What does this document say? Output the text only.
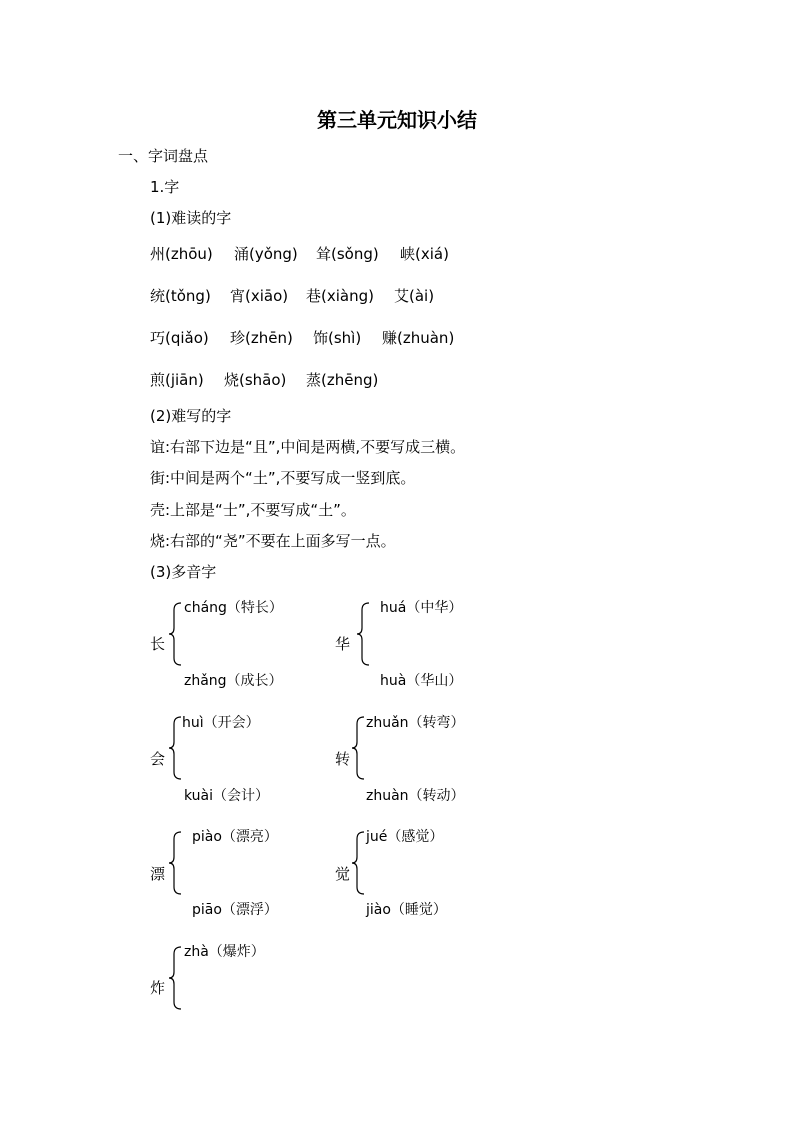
第三单元知识小结
一、字词盘点
1.字
(1)难读的字
州(zhōu) 涌(yǒng) 耸(sǒng) 峡(xiá)
统(tǒng) 宵(xiāo) 巷(xiàng) 艾(ài)
巧(qiǎo) 珍(zhēn) 饰(shì) 赚(zhuàn)
煎(jiān) 烧(shāo) 蒸(zhēng)
(2)难写的字
谊:右部下边是“且”,中间是两横,不要写成三横。
街:中间是两个“土”,不要写成一竖到底。
壳:上部是“士”,不要写成“土”。
烧:右部的“尧”不要在上面多写一点。
(3)多音字
长
cháng（特长）
zhǎng（成长）
华
huá（中华）
huà（华山）
会
huì（开会）
kuài（会计）
转
zhuǎn（转弯）
zhuàn（转动）
漂
piào（漂亮）
piāo（漂浮）
觉
jué（感觉）
jiào（睡觉）
炸
zhà（爆炸）
